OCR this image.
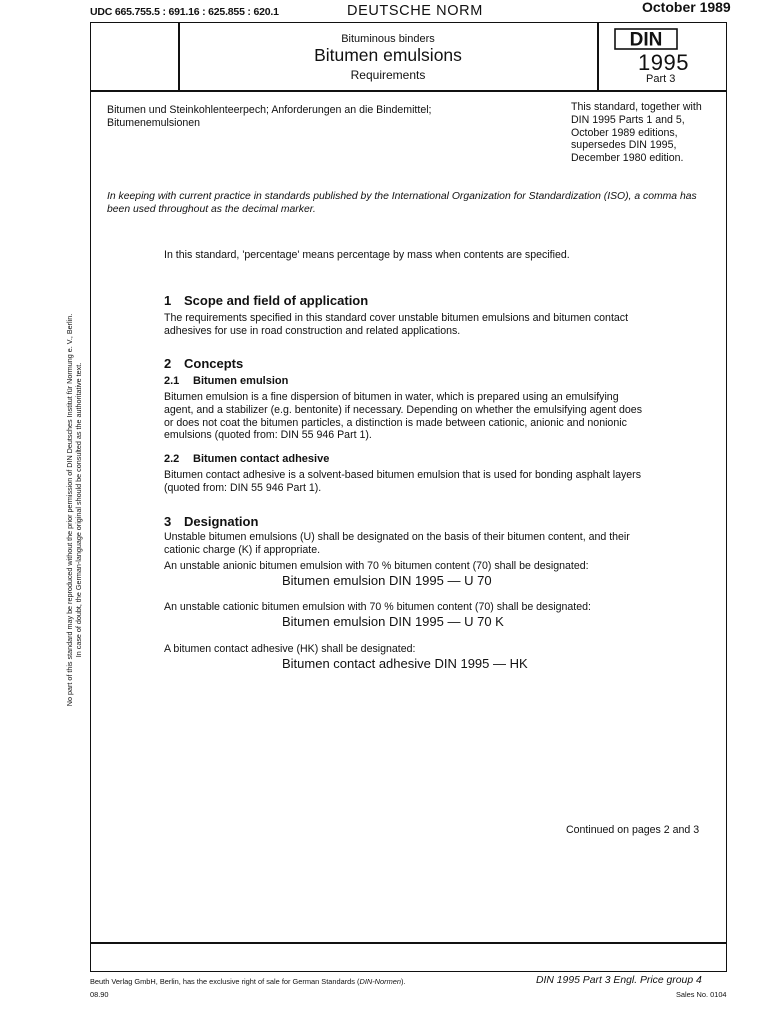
UDC 665.755.5 : 691.16 : 625.855 : 620.1	DEUTSCHE NORM	October 1989
Bituminous binders
Bitumen emulsions
Requirements
DIN
1995
Part 3
Bitumen und Steinkohlenteerpech; Anforderungen an die Bindemittel;
Bitumenemulsionen
This standard, together with DIN 1995 Parts 1 and 5, October 1989 editions, supersedes DIN 1995, December 1980 edition.
In keeping with current practice in standards published by the International Organization for Standardization (ISO), a comma has been used throughout as the decimal marker.
In this standard, 'percentage' means percentage by mass when contents are specified.
1 Scope and field of application
The requirements specified in this standard cover unstable bitumen emulsions and bitumen contact adhesives for use in road construction and related applications.
2 Concepts
2.1 Bitumen emulsion
Bitumen emulsion is a fine dispersion of bitumen in water, which is prepared using an emulsifying agent, and a stabilizer (e.g. bentonite) if necessary. Depending on whether the emulsifying agent does or does not coat the bitumen particles, a distinction is made between cationic, anionic and nonionic emulsions (quoted from: DIN 55 946 Part 1).
2.2 Bitumen contact adhesive
Bitumen contact adhesive is a solvent-based bitumen emulsion that is used for bonding asphalt layers (quoted from: DIN 55 946 Part 1).
3 Designation
Unstable bitumen emulsions (U) shall be designated on the basis of their bitumen content, and their cationic charge (K) if appropriate.
An unstable anionic bitumen emulsion with 70 % bitumen content (70) shall be designated:
Bitumen emulsion DIN 1995 — U 70
An unstable cationic bitumen emulsion with 70 % bitumen content (70) shall be designated:
Bitumen emulsion DIN 1995 — U 70 K
A bitumen contact adhesive (HK) shall be designated:
Bitumen contact adhesive DIN 1995 — HK
Continued on pages 2 and 3
No part of this standard may be reproduced without the prior permission of DIN Deutsches Institut für Normung e. V., Berlin. In case of doubt, the German-language original should be consulted as the authoritative text.
Beuth Verlag GmbH, Berlin, has the exclusive right of sale for German Standards (DIN-Normen).
08.90
DIN 1995 Part 3 Engl. Price group 4
Sales No. 0104
